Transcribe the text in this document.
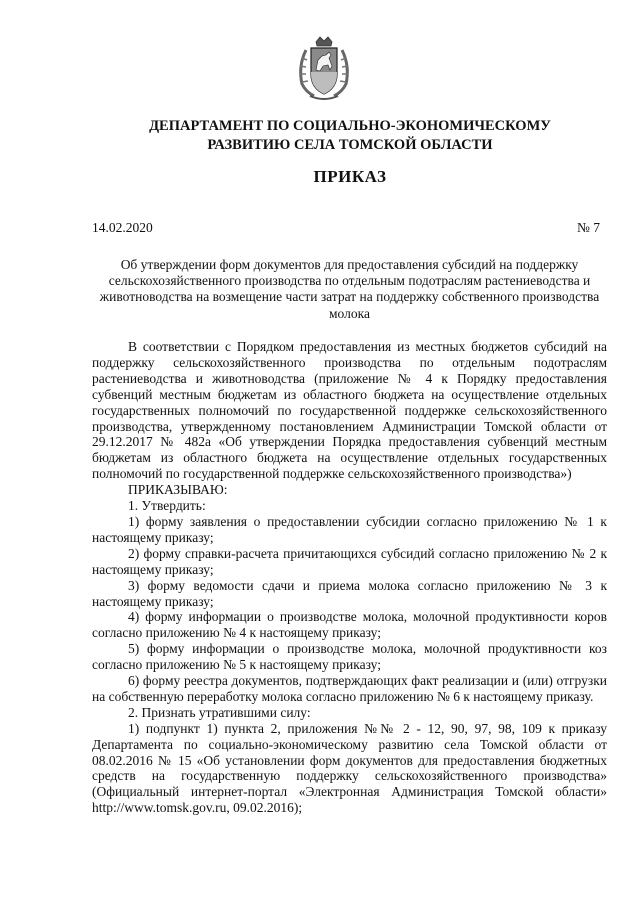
ДЕПАРТАМЕНТ ПО СОЦИАЛЬНО-ЭКОНОМИЧЕСКОМУ
РАЗВИТИЮ СЕЛА ТОМСКОЙ ОБЛАСТИ
ПРИКАЗ
14.02.2020	№ 7
Об утверждении форм документов для предоставления субсидий на поддержку сельскохозяйственного производства по отдельным подотраслям растениеводства и животноводства на возмещение части затрат на поддержку собственного производства молока

В соответствии с Порядком предоставления из местных бюджетов субсидий на поддержку сельскохозяйственного производства по отдельным подотраслям растениеводства и животноводства (приложение № 4 к Порядку предоставления субвенций местным бюджетам из областного бюджета на осуществление отдельных государственных полномочий по государственной поддержке сельскохозяйственного производства, утвержденному постановлением Администрации Томской области от 29.12.2017 № 482а «Об утверждении Порядка предоставления субвенций местным бюджетам из областного бюджета на осуществление отдельных государственных полномочий по государственной поддержке сельскохозяйственного производства»)

ПРИКАЗЫВАЮ:

1. Утвердить:

1) форму заявления о предоставлении субсидии согласно приложению № 1 к настоящему приказу;

2) форму справки-расчета причитающихся субсидий согласно приложению № 2 к настоящему приказу;

3) форму ведомости сдачи и приема молока согласно приложению № 3 к настоящему приказу;

4) форму информации о производстве молока, молочной продуктивности коров согласно приложению № 4 к настоящему приказу;

5) форму информации о производстве молока, молочной продуктивности коз согласно приложению № 5 к настоящему приказу;

6) форму реестра документов, подтверждающих факт реализации и (или) отгрузки на собственную переработку молока согласно приложению № 6 к настоящему приказу.

2. Признать утратившими силу:

1) подпункт 1) пункта 2, приложения №№ 2 - 12, 90, 97, 98, 109 к приказу Департамента по социально-экономическому развитию села Томской области от 08.02.2016 № 15 «Об установлении форм документов для предоставления бюджетных средств на государственную поддержку сельскохозяйственного производства» (Официальный интернет-портал «Электронная Администрация Томской области» http://www.tomsk.gov.ru, 09.02.2016);
